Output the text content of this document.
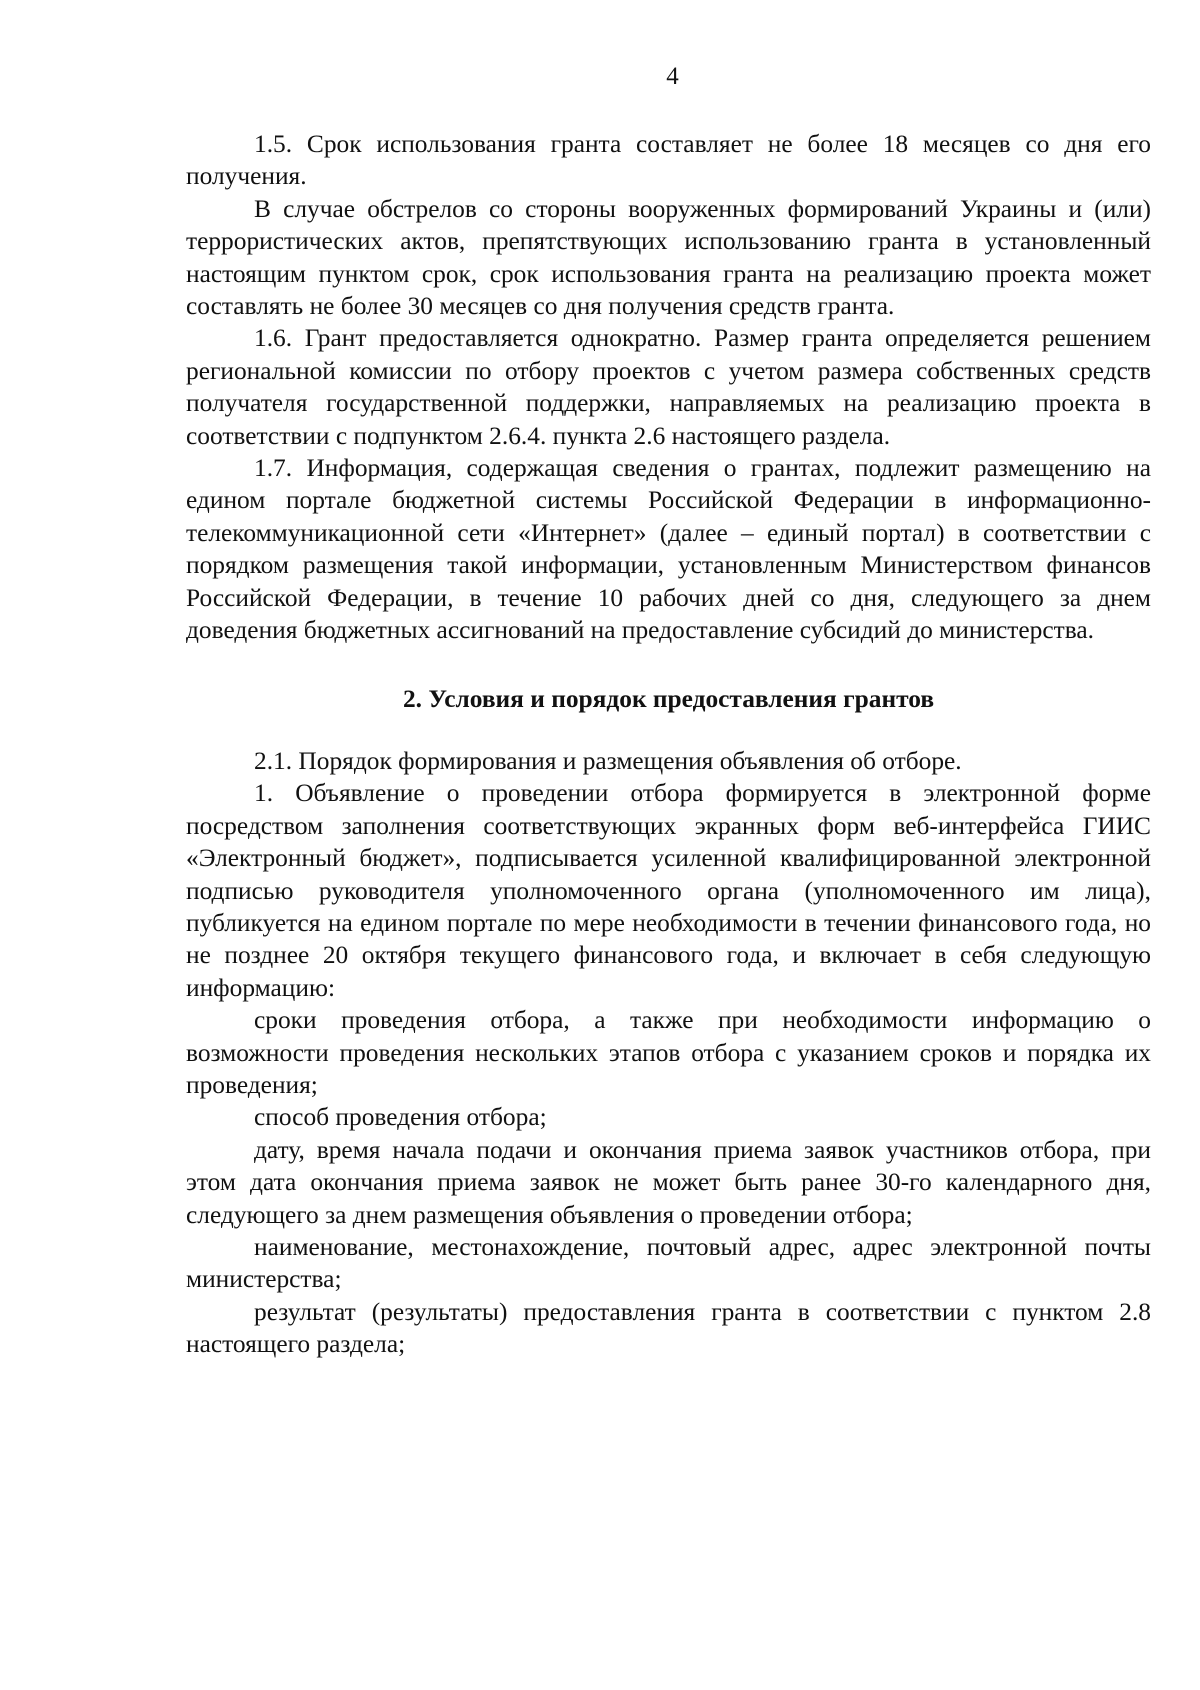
4

1.5. Срок использования гранта составляет не более 18 месяцев со дня его получения.

В случае обстрелов со стороны вооруженных формирований Украины и (или) террористических актов, препятствующих использованию гранта в установленный настоящим пунктом срок, срок использования гранта на реализацию проекта может составлять не более 30 месяцев со дня получения средств гранта.

1.6. Грант предоставляется однократно. Размер гранта определяется решением региональной комиссии по отбору проектов с учетом размера собственных средств получателя государственной поддержки, направляемых на реализацию проекта в соответствии с подпунктом 2.6.4. пункта 2.6 настоящего раздела.

1.7. Информация, содержащая сведения о грантах, подлежит размещению на едином портале бюджетной системы Российской Федерации в информационно-телекоммуникационной сети «Интернет» (далее – единый портал) в соответствии с порядком размещения такой информации, установленным Министерством финансов Российской Федерации, в течение 10 рабочих дней со дня, следующего за днем доведения бюджетных ассигнований на предоставление субсидий до министерства.

2. Условия и порядок предоставления грантов

2.1. Порядок формирования и размещения объявления об отборе.

1. Объявление о проведении отбора формируется в электронной форме посредством заполнения соответствующих экранных форм веб-интерфейса ГИИС «Электронный бюджет», подписывается усиленной квалифицированной электронной подписью руководителя уполномоченного органа (уполномоченного им лица), публикуется на едином портале по мере необходимости в течении финансового года, но не позднее 20 октября текущего финансового года, и включает в себя следующую информацию:

сроки проведения отбора, а также при необходимости информацию о возможности проведения нескольких этапов отбора с указанием сроков и порядка их проведения;

способ проведения отбора;

дату, время начала подачи и окончания приема заявок участников отбора, при этом дата окончания приема заявок не может быть ранее 30-го календарного дня, следующего за днем размещения объявления о проведении отбора;

наименование, местонахождение, почтовый адрес, адрес электронной почты министерства;

результат (результаты) предоставления гранта в соответствии с пунктом 2.8 настоящего раздела;
